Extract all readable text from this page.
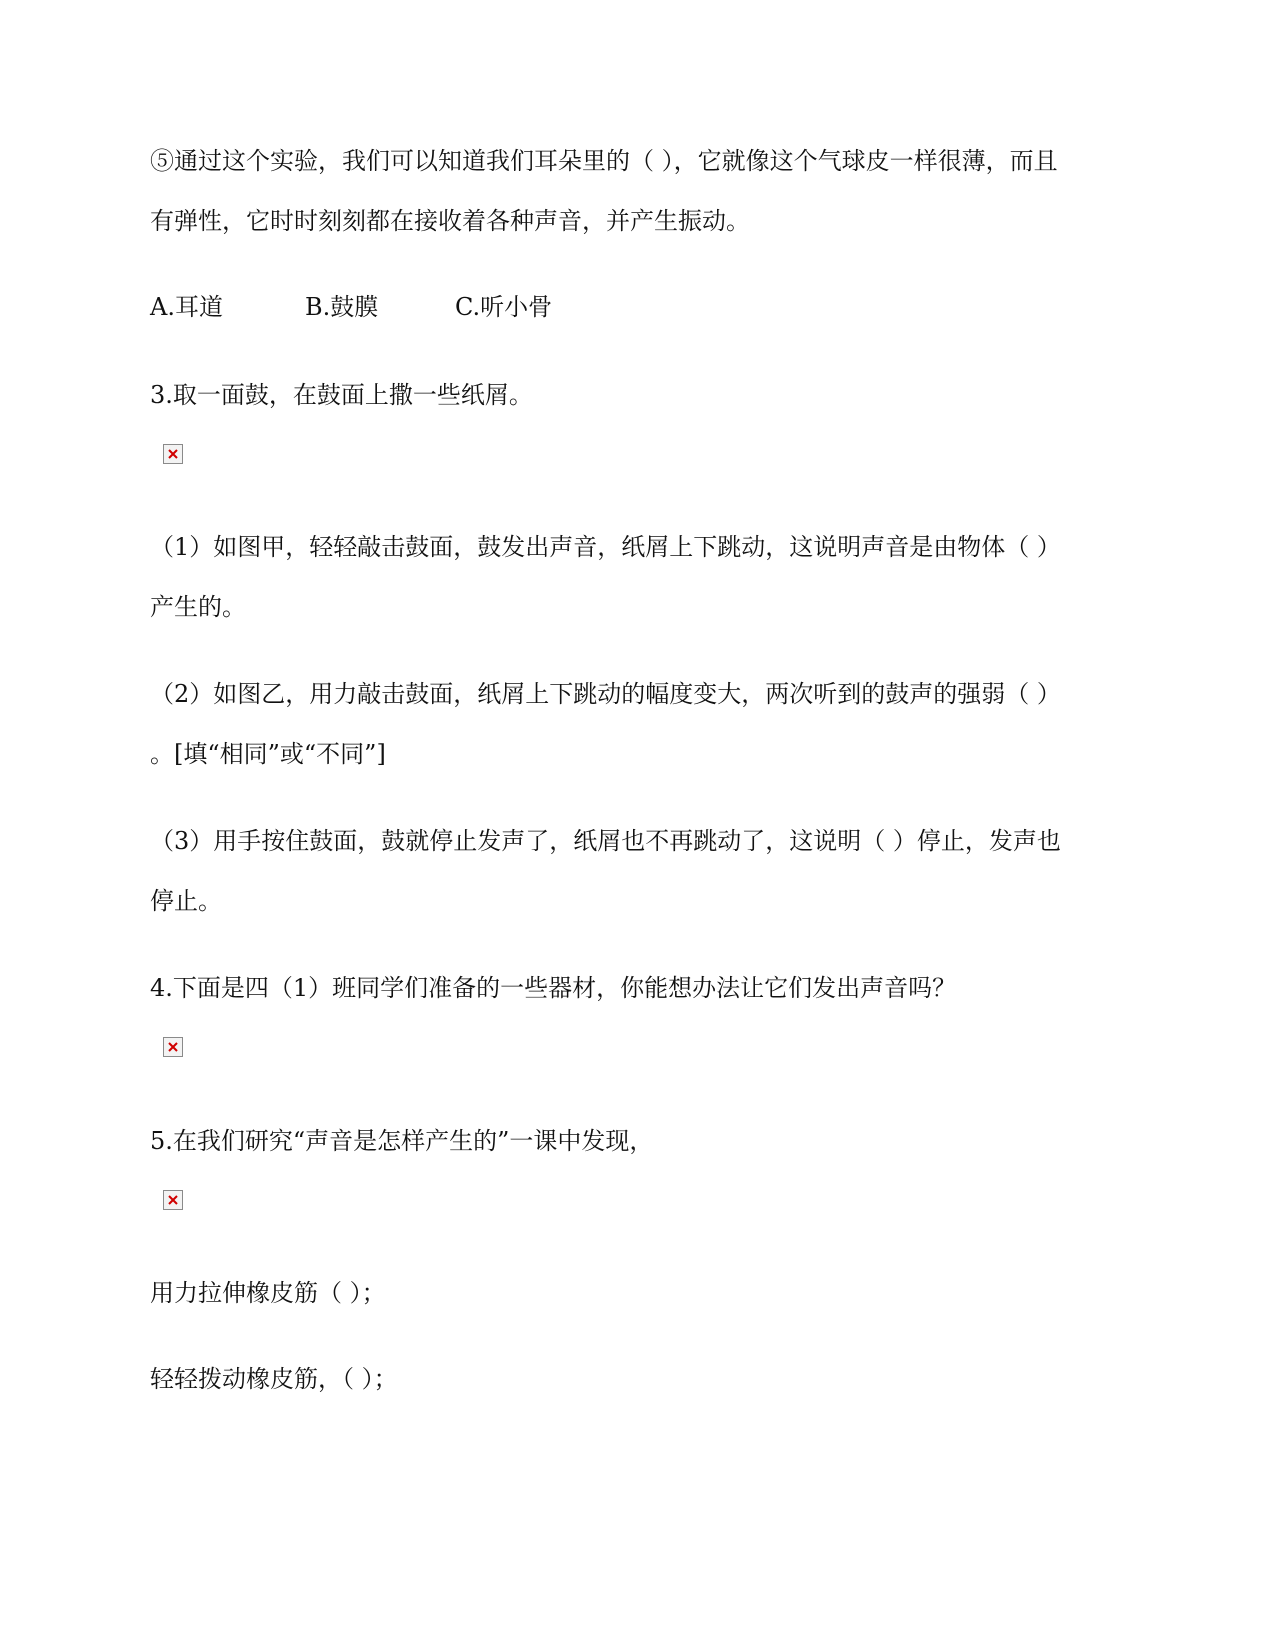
⑤通过这个实验，我们可以知道我们耳朵里的（ ），它就像这个气球皮一样很薄，而且
有弹性，它时时刻刻都在接收着各种声音，并产生振动。
A.耳道	B.鼓膜	C.听小骨
3.取一面鼓，在鼓面上撒一些纸屑。
（1）如图甲，轻轻敲击鼓面，鼓发出声音，纸屑上下跳动，这说明声音是由物体（ ）
产生的。
（2）如图乙，用力敲击鼓面，纸屑上下跳动的幅度变大，两次听到的鼓声的强弱（ ）
。[填“相同”或“不同”]
（3）用手按住鼓面，鼓就停止发声了，纸屑也不再跳动了，这说明（ ）停止，发声也
停止。
4.下面是四（1）班同学们准备的一些器材，你能想办法让它们发出声音吗？
5.在我们研究“声音是怎样产生的”一课中发现，
用力拉伸橡皮筋（ ）；
轻轻拨动橡皮筋，（ ）；
